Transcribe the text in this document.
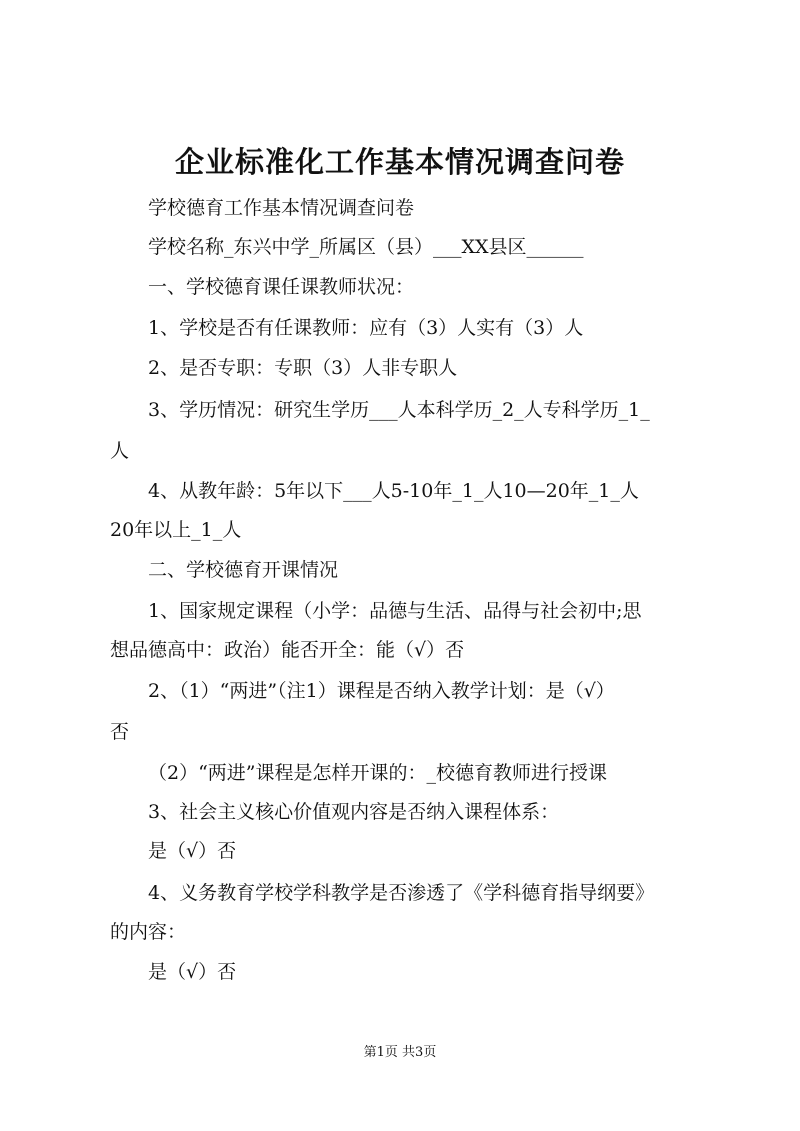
企业标准化工作基本情况调查问卷
学校德育工作基本情况调查问卷
学校名称_东兴中学_所属区（县）___XX县区______
一、学校德育课任课教师状况：
1、学校是否有任课教师：应有（3）人实有（3）人
2、是否专职：专职（3）人非专职人
3、学历情况：研究生学历___人本科学历_2_人专科学历_1_
人
4、从教年龄：5年以下___人5-10年_1_人10—20年_1_人
20年以上_1_人
二、学校德育开课情况
1、国家规定课程（小学：品德与生活、品得与社会初中;思
想品德高中：政治）能否开全：能（√）否
2、（1）“两进”（注1）课程是否纳入教学计划：是（√）
否
（2）“两进”课程是怎样开课的：_校德育教师进行授课
3、社会主义核心价值观内容是否纳入课程体系：
是（√）否
4、义务教育学校学科教学是否渗透了《学科德育指导纲要》
的内容：
是（√）否
第1页 共3页
